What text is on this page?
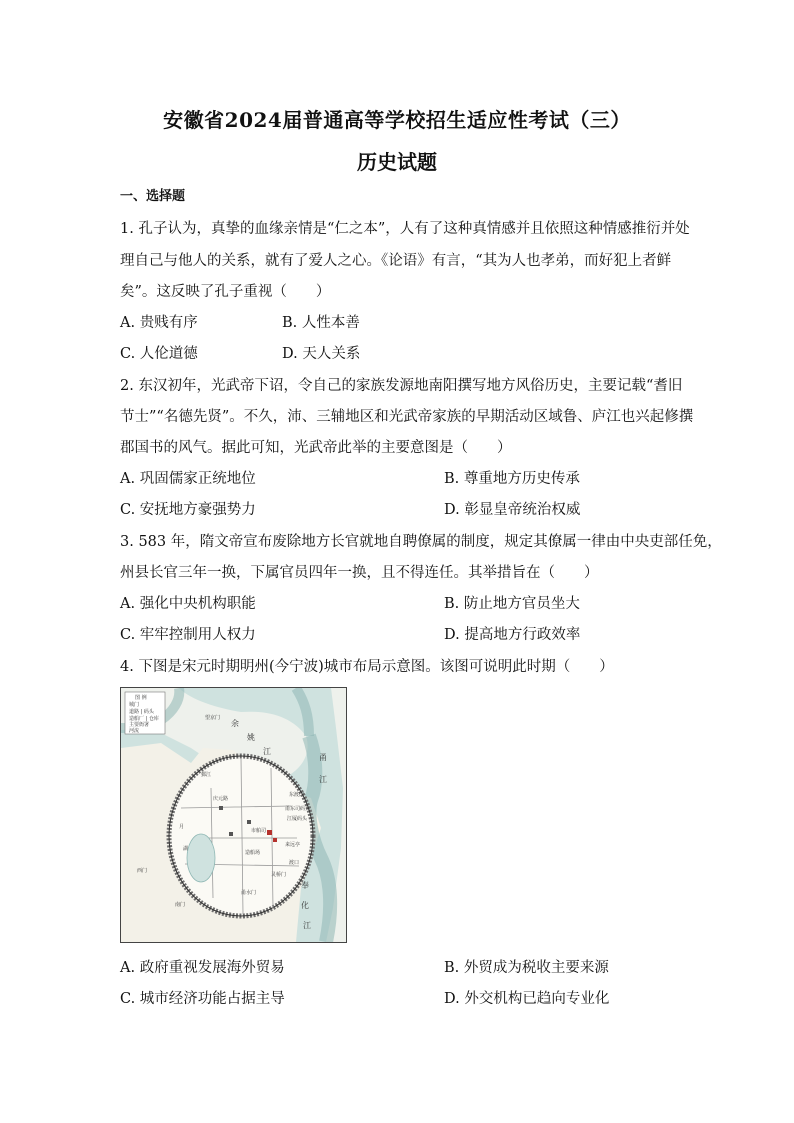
安徽省2024届普通高等学校招生适应性考试（三）
历史试题
一、选择题
1. 孔子认为，真挚的血缘亲情是“仁之本”，人有了这种真情感并且依照这种情感推衍并处
理自己与他人的关系，就有了爱人之心。《论语》有言，“其为人也孝弟，而好犯上者鲜
矣”。这反映了孔子重视（　　）
A. 贵贱有序	B. 人性本善
C. 人伦道德	D. 天人关系
2. 东汉初年，光武帝下诏，令自己的家族发源地南阳撰写地方风俗历史，主要记载“耆旧
节士”“名德先贤”。不久，沛、三辅地区和光武帝家族的早期活动区域鲁、庐江也兴起修撰
郡国书的风气。据此可知，光武帝此举的主要意图是（　　）
A. 巩固儒家正统地位	B. 尊重地方历史传承
C. 安抚地方豪强势力	D. 彰显皇帝统治权威
3. 583 年，隋文帝宣布废除地方长官就地自聘僚属的制度，规定其僚属一律由中央吏部任免，
州县长官三年一换，下属官员四年一换，且不得连任。其举措旨在（　　）
A. 强化中央机构职能	B. 防止地方官员坐大
C. 牢牢控制用人权力	D. 提高地方行政效率
4. 下图是宋元时期明州(今宁波)城市布局示意图。该图可说明此时期（　　）
图 例
城门
道路 | 码头
造船厂 | 仓库
主要衙署
河流
余
姚
江
甬
江
奉
化
江
望京门
甬东司码头
江厦码头
来远亭
市舶司
渡口
灵桥门
甬水门
西门
鄞江
月
湖
南门
东渡门
庆元路
造船场
A. 政府重视发展海外贸易	B. 外贸成为税收主要来源
C. 城市经济功能占据主导	D. 外交机构已趋向专业化
